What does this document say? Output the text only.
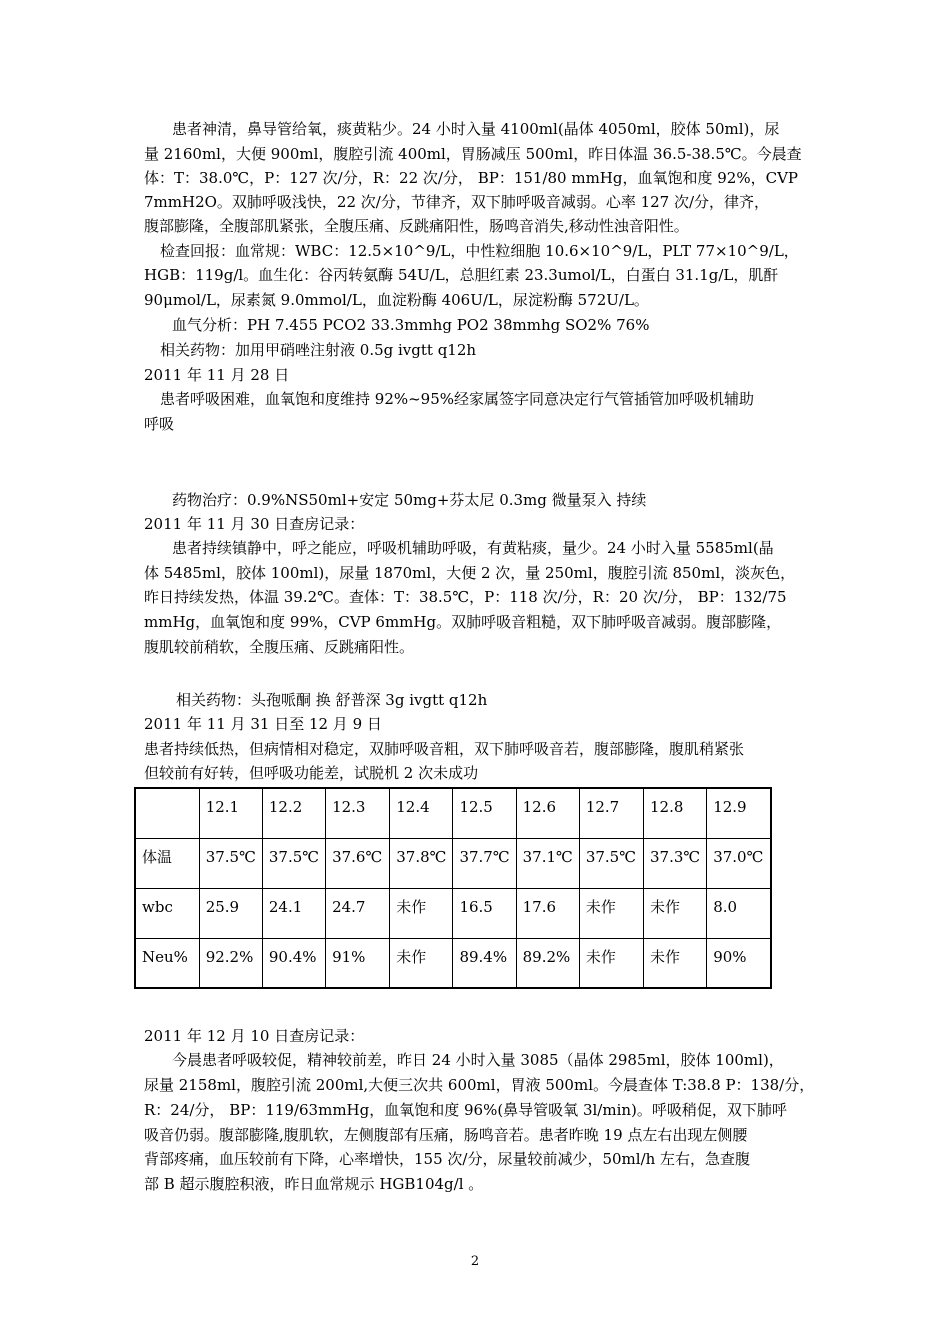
患者神清，鼻导管给氧，痰黄粘少。24 小时入量 4100ml(晶体 4050ml，胶体 50ml)，尿
量 2160ml，大便 900ml，腹腔引流 400ml，胃肠减压 500ml，昨日体温 36.5-38.5℃。今晨查
体：T：38.0℃，P：127 次/分，R：22 次/分， BP：151/80 mmHg，血氧饱和度 92%，CVP
7mmH2O。双肺呼吸浅快，22 次/分，节律齐，双下肺呼吸音减弱。心率 127 次/分，律齐，
腹部膨隆，全腹部肌紧张，全腹压痛、反跳痛阳性，肠鸣音消失,移动性浊音阳性。
检查回报：血常规：WBC：12.5×10^9/L，中性粒细胞 10.6×10^9/L，PLT 77×10^9/L，
HGB：119g/l。血生化：谷丙转氨酶 54U/L，总胆红素 23.3umol/L，白蛋白 31.1g/L，肌酐
90μmol/L，尿素氮 9.0mmol/L，血淀粉酶 406U/L，尿淀粉酶 572U/L。
血气分析：PH 7.455 PCO2 33.3mmhg PO2 38mmhg SO2% 76%
相关药物：加用甲硝唑注射液 0.5g ivgtt q12h
2011 年 11 月 28 日
患者呼吸困难，血氧饱和度维持 92%~95%经家属签字同意决定行气管插管加呼吸机辅助
呼吸
药物治疗：0.9%NS50ml+安定 50mg+芬太尼 0.3mg 微量泵入 持续
2011 年 11 月 30 日查房记录：
患者持续镇静中，呼之能应，呼吸机辅助呼吸，有黄粘痰，量少。24 小时入量 5585ml(晶
体 5485ml，胶体 100ml)，尿量 1870ml，大便 2 次，量 250ml，腹腔引流 850ml，淡灰色，
昨日持续发热，体温 39.2℃。查体：T：38.5℃，P：118 次/分，R：20 次/分， BP：132/75
mmHg，血氧饱和度 99%，CVP 6mmHg。双肺呼吸音粗糙，双下肺呼吸音减弱。腹部膨隆，
腹肌较前稍软，全腹压痛、反跳痛阳性。
相关药物：头孢哌酮 换 舒普深 3g ivgtt q12h
2011 年 11 月 31 日至 12 月 9 日
患者持续低热，但病情相对稳定，双肺呼吸音粗，双下肺呼吸音若，腹部膨隆，腹肌稍紧张
但较前有好转，但呼吸功能差，试脱机 2 次未成功
	12.1	12.2	12.3	12.4	12.5	12.6	12.7	12.8	12.9
体温	37.5℃	37.5℃	37.6℃	37.8℃	37.7℃	37.1℃	37.5℃	37.3℃	37.0℃
wbc	25.9	24.1	24.7	未作	16.5	17.6	未作	未作	8.0
Neu%	92.2%	90.4%	91%	未作	89.4%	89.2%	未作	未作	90%
2011 年 12 月 10 日查房记录：
今晨患者呼吸较促，精神较前差，昨日 24 小时入量 3085（晶体 2985ml，胶体 100ml)，
尿量 2158ml，腹腔引流 200ml,大便三次共 600ml，胃液 500ml。今晨查体 T:38.8 P：138/分，
R：24/分， BP：119/63mmHg，血氧饱和度 96%(鼻导管吸氧 3l/min)。呼吸稍促，双下肺呼
吸音仍弱。腹部膨隆,腹肌软，左侧腹部有压痛，肠鸣音若。患者昨晚 19 点左右出现左侧腰
背部疼痛，血压较前有下降，心率增快，155 次/分，尿量较前减少，50ml/h 左右，急查腹
部 B 超示腹腔积液，昨日血常规示 HGB104g/l 。
2
